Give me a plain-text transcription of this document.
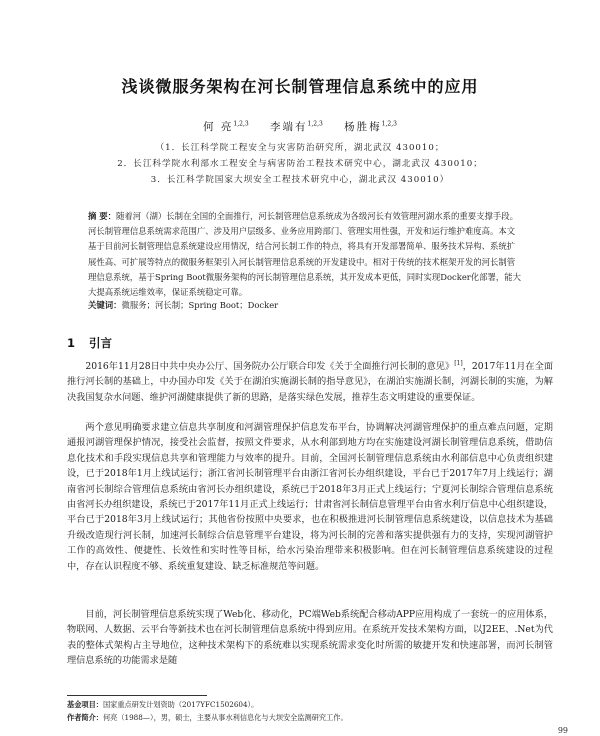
浅谈微服务架构在河长制管理信息系统中的应用
何 亮$^{1,2,3}$ 李端有$^{1,2,3}$ 杨胜梅$^{1,2,3}$
（1．长江科学院工程安全与灾害防治研究所，湖北武汉 430010；
2．长江科学院水利部水工程安全与病害防治工程技术研究中心，湖北武汉 430010；
3．长江科学院国家大坝安全工程技术研究中心，湖北武汉 430010）
摘 要：随着河（湖）长制在全国的全面推行，河长制管理信息系统成为各级河长有效管理河湖水系的重要支撑手段。河长制管理信息系统需求范围广、涉及用户层级多、业务应用跨部门、管理实用性强，开发和运行维护难度高。本文基于目前河长制管理信息系统建设应用情况，结合河长制工作的特点，将具有开发部署简单、服务技术异构、系统扩展性高、可扩展等特点的微服务框架引入河长制管理信息系统的开发建设中。相对于传统的技术框架开发的河长制管理信息系统，基于Spring Boot微服务架构的河长制管理信息系统，其开发成本更低，同时实现Docker化部署，能大大提高系统运维效率，保证系统稳定可靠。
关键词：微服务；河长制；Spring Boot；Docker
1 引言
2016年11月28日中共中央办公厅、国务院办公厅联合印发《关于全面推行河长制的意见》[1]，2017年11月在全面推行河长制的基础上，中办国办印发《关于在湖泊实施湖长制的指导意见》，在湖泊实施湖长制，河湖长制的实施，为解决我国复杂水问题、维护河湖健康提供了新的思路，是落实绿色发展，推荐生态文明建设的重要保证。
两个意见明确要求建立信息共享制度和河湖管理保护信息发布平台，协调解决河湖管理保护的重点难点问题，定期通报河湖管理保护情况，接受社会监督，按照文件要求，从水利部到地方均在实施建设河湖长制管理信息系统，借助信息化技术和手段实现信息共享和管理能力与效率的提升。目前，全国河长制管理信息系统由水利部信息中心负责组织建设，已于2018年1月上线试运行；浙江省河长制管理平台由浙江省河长办组织建设，平台已于2017年7月上线运行；湖南省河长制综合管理信息系统由省河长办组织建设，系统已于2018年3月正式上线运行；宁夏河长制综合管理信息系统由省河长办组织建设，系统已于2017年11月正式上线运行；甘肃省河长制信息管理平台由省水利厅信息中心组织建设，平台已于2018年3月上线试运行；其他省份按照中央要求，也在积极推进河长制管理信息系统建设，以信息技术为基础升级改造现行河长制，加速河长制综合信息管理平台建设，将为河长制的完善和落实提供强有力的支持，实现河湖管护工作的高效性、便捷性、长效性和实时性等目标，给水污染治理带来积极影响。但在河长制管理信息系统建设的过程中，存在认识程度不够、系统重复建设、缺乏标准规范等问题。
目前，河长制管理信息系统实现了Web化、移动化，PC端Web系统配合移动APP应用构成了一套统一的应用体系，物联网、人数据、云平台等新技术也在河长制管理信息系统中得到应用。在系统开发技术架构方面，以J2EE、.Net为代表的整体式架构占主导地位，这种技术架构下的系统难以实现系统需求变化时所需的敏捷开发和快速部署，而河长制管理信息系统的功能需求是随
基金项目：国家重点研发计划资助（2017YFC1502604）。
作者简介：何亮（1988—），男，硕士，主要从事水利信息化与大坝安全监测研究工作。
99
